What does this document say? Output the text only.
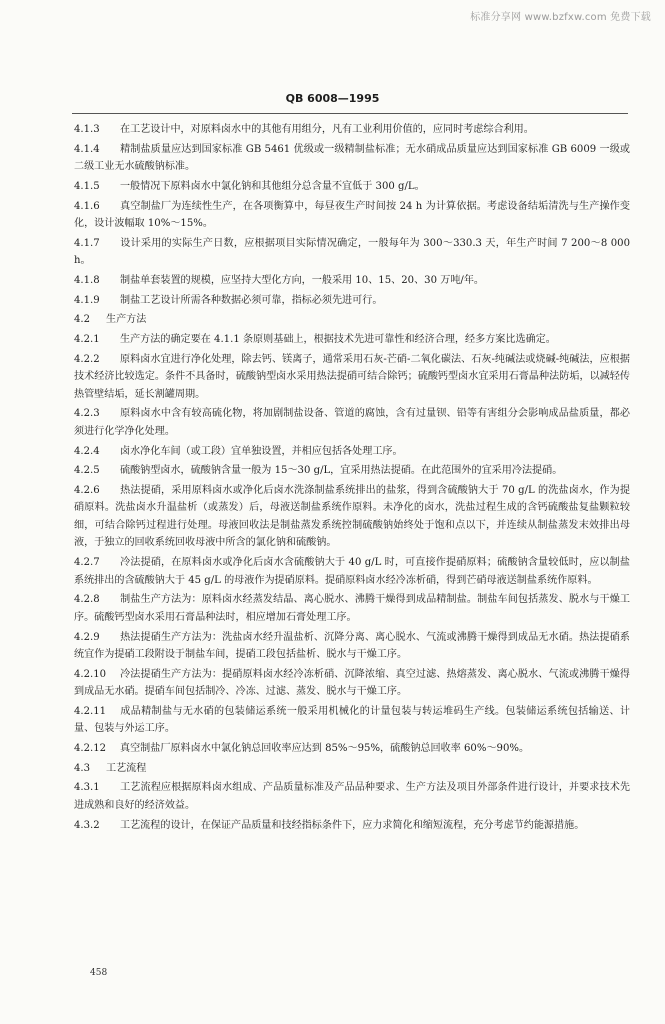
标准分享网 www.bzfxw.com 免费下载
QB 6008—1995

4.1.3 在工艺设计中，对原料卤水中的其他有用组分，凡有工业利用价值的，应同时考虑综合利用。

4.1.4 精制盐质量应达到国家标准 GB 5461 优级或一级精制盐标准；无水硝成品质量应达到国家标准 GB 6009 一级或二级工业无水硫酸钠标准。

4.1.5 一般情况下原料卤水中氯化钠和其他组分总含量不宜低于 300 g/L。

4.1.6 真空制盐厂为连续性生产，在各项衡算中，每昼夜生产时间按 24 h 为计算依据。考虑设备结垢清洗与生产操作变化，设计波幅取 10%～15%。

4.1.7 设计采用的实际生产日数，应根据项目实际情况确定，一般每年为 300～330.3 天，年生产时间 7 200～8 000 h。

4.1.8 制盐单套装置的规模，应坚持大型化方向，一般采用 10、15、20、30 万吨/年。

4.1.9 制盐工艺设计所需各种数据必须可靠，指标必须先进可行。

4.2 生产方法

4.2.1 生产方法的确定要在 4.1.1 条原则基础上，根据技术先进可靠性和经济合理，经多方案比选确定。

4.2.2 原料卤水宜进行净化处理，除去钙、镁离子，通常采用石灰-芒硝-二氧化碳法、石灰-纯碱法或烧碱-纯碱法，应根据技术经济比较选定。条件不具备时，硫酸钠型卤水采用热法提硝可结合除钙；硫酸钙型卤水宜采用石膏晶种法防垢，以减轻传热管壁结垢，延长割罐周期。

4.2.3 原料卤水中含有较高硫化物，将加剧制盐设备、管道的腐蚀，含有过量钡、铅等有害组分会影响成品盐质量，都必须进行化学净化处理。

4.2.4 卤水净化车间（或工段）宜单独设置，并相应包括各处理工序。

4.2.5 硫酸钠型卤水，硫酸钠含量一般为 15～30 g/L，宜采用热法提硝。在此范围外的宜采用冷法提硝。

4.2.6 热法提硝，采用原料卤水或净化后卤水洗涤制盐系统排出的盐浆，得到含硫酸钠大于 70 g/L 的洗盐卤水，作为提硝原料。洗盐卤水升温盐析（或蒸发）后，母液送制盐系统作原料。未净化的卤水，洗盐过程生成的含钙硫酸盐复盐颗粒较细，可结合除钙过程进行处理。母液回收法是制盐蒸发系统控制硫酸钠始终处于饱和点以下，并连续从制盐蒸发末效排出母液，于独立的回收系统回收母液中所含的氯化钠和硫酸钠。

4.2.7 冷法提硝，在原料卤水或净化后卤水含硫酸钠大于 40 g/L 时，可直接作提硝原料；硫酸钠含量较低时，应以制盐系统排出的含硫酸钠大于 45 g/L 的母液作为提硝原料。提硝原料卤水经冷冻析硝，得到芒硝母液送制盐系统作原料。

4.2.8 制盐生产方法为：原料卤水经蒸发结晶、离心脱水、沸腾干燥得到成品精制盐。制盐车间包括蒸发、脱水与干燥工序。硫酸钙型卤水采用石膏晶种法时，相应增加石膏处理工序。

4.2.9 热法提硝生产方法为：洗盐卤水经升温盐析、沉降分离、离心脱水、气流或沸腾干燥得到成品无水硝。热法提硝系统宜作为提硝工段附设于制盐车间，提硝工段包括盐析、脱水与干燥工序。

4.2.10 冷法提硝生产方法为：提硝原料卤水经冷冻析硝、沉降浓缩、真空过滤、热熔蒸发、离心脱水、气流或沸腾干燥得到成品无水硝。提硝车间包括制冷、冷冻、过滤、蒸发、脱水与干燥工序。

4.2.11 成品精制盐与无水硝的包装储运系统一般采用机械化的计量包装与转运堆码生产线。包装储运系统包括输送、计量、包装与外运工序。

4.2.12 真空制盐厂原料卤水中氯化钠总回收率应达到 85%～95%，硫酸钠总回收率 60%～90%。

4.3 工艺流程

4.3.1 工艺流程应根据原料卤水组成、产品质量标准及产品品种要求、生产方法及项目外部条件进行设计，并要求技术先进成熟和良好的经济效益。

4.3.2 工艺流程的设计，在保证产品质量和技经指标条件下，应力求简化和缩短流程，充分考虑节约能源措施。

458
